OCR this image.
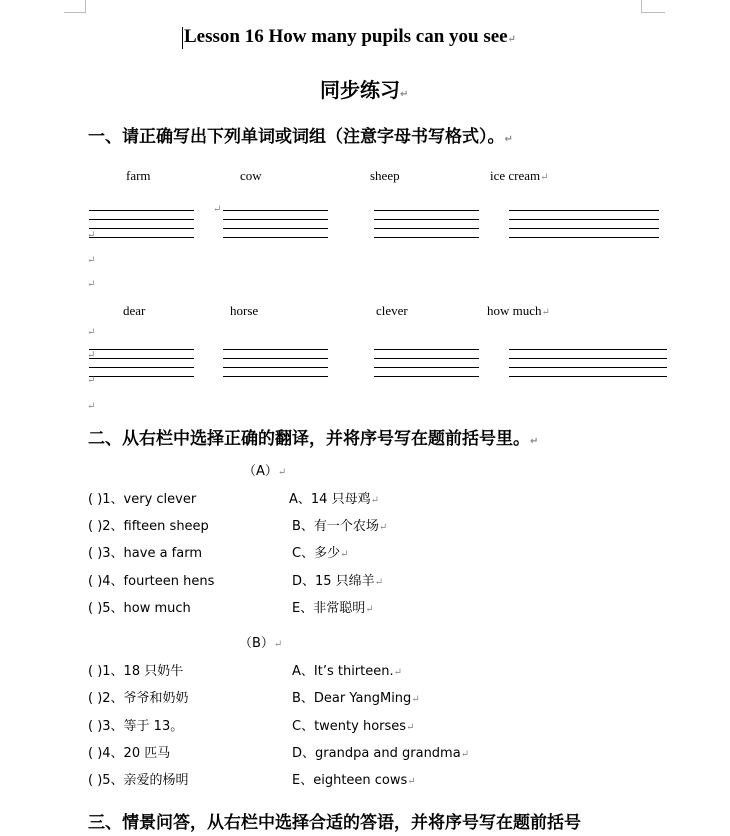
Lesson 16 How many pupils can you see↵
同步练习↵
一、请正确写出下列单词或词组（注意字母书写格式）。↵
farm	cow	sheep	ice cream↵
↵
↵
↵
↵
dear	horse	clever	how much↵
↵
↵
↵
↵
二、从右栏中选择正确的翻译，并将序号写在题前括号里。↵
（A）↵
( )1、very clever	A、14 只母鸡↵
( )2、fifteen sheep	B、有一个农场↵
( )3、have a farm	C、多少↵
( )4、fourteen hens	D、15 只绵羊↵
( )5、how much	E、非常聪明↵
（B）↵
( )1、18 只奶牛	A、It’s thirteen.↵
( )2、爷爷和奶奶	B、Dear YangMing↵
( )3、等于 13。	C、twenty horses↵
( )4、20 匹马	D、grandpa and grandma↵
( )5、亲爱的杨明	E、eighteen cows↵
三、情景问答，从右栏中选择合适的答语，并将序号写在题前括号
